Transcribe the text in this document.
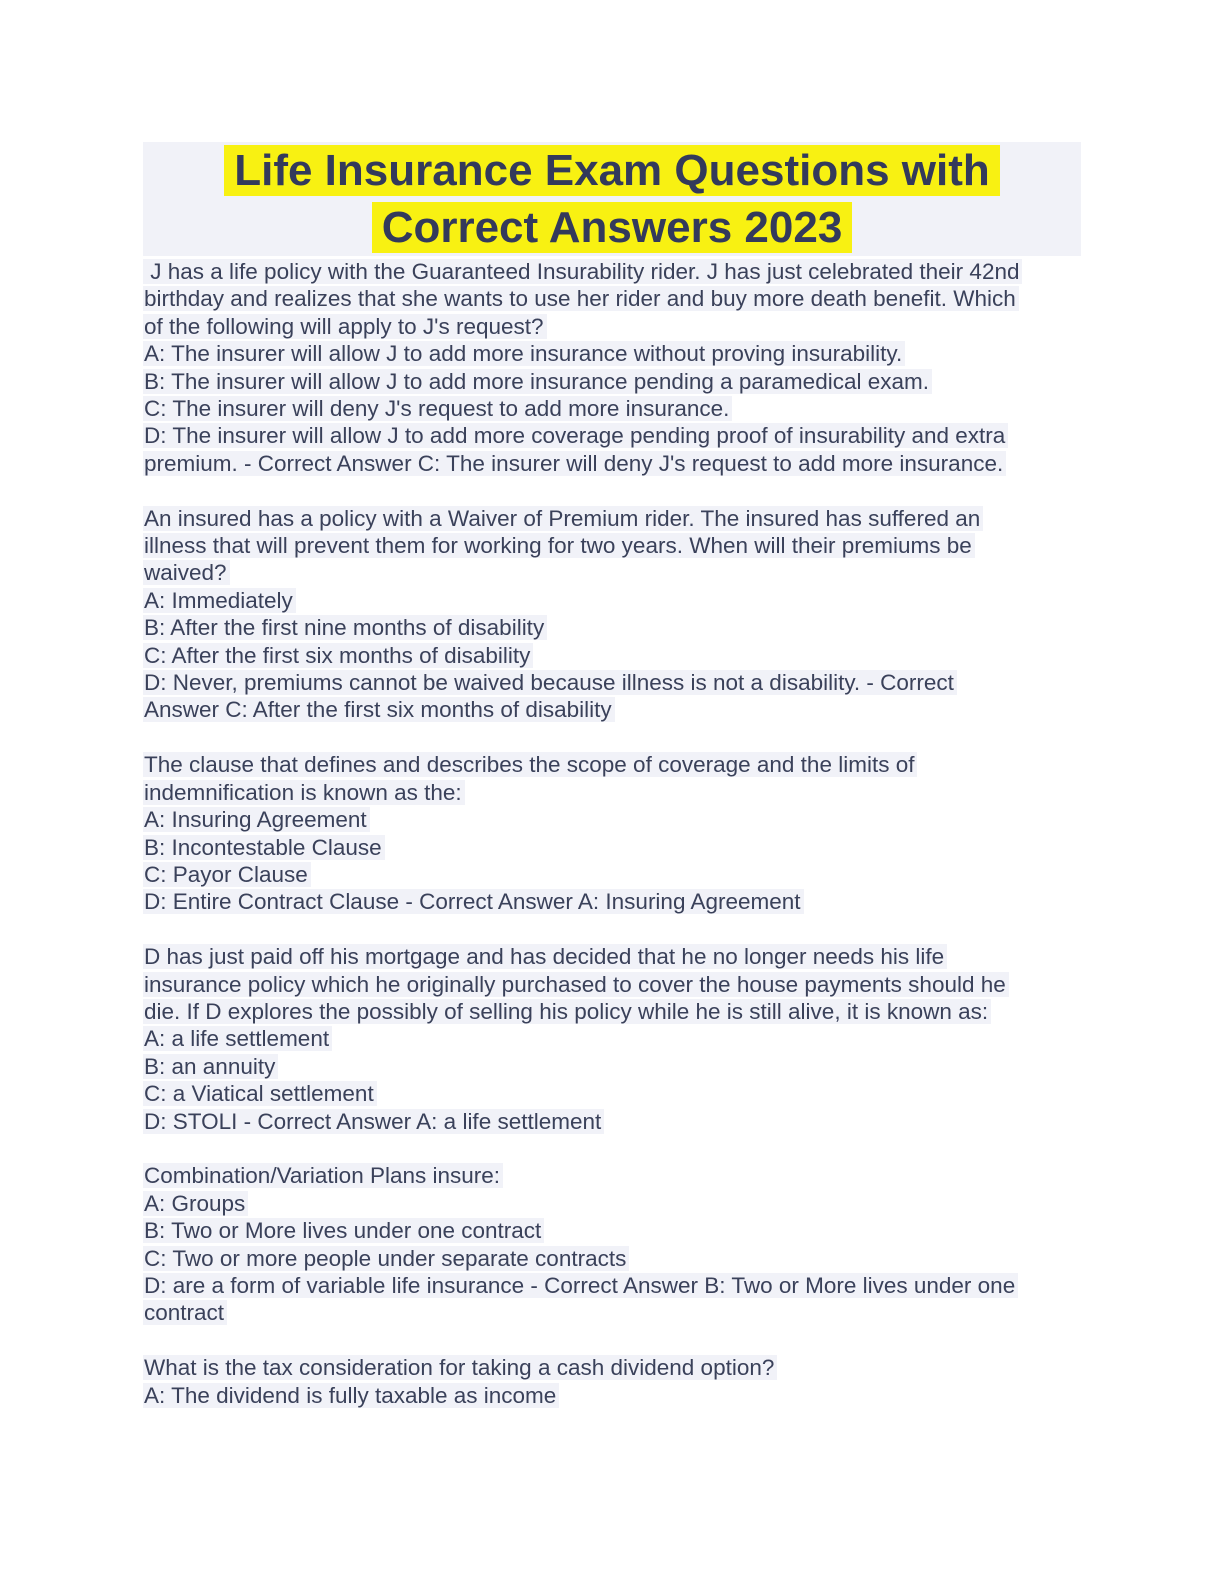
Life Insurance Exam Questions with
Correct Answers 2023
J has a life policy with the Guaranteed Insurability rider. J has just celebrated their 42nd
birthday and realizes that she wants to use her rider and buy more death benefit. Which
of the following will apply to J's request?
A: The insurer will allow J to add more insurance without proving insurability.
B: The insurer will allow J to add more insurance pending a paramedical exam.
C: The insurer will deny J's request to add more insurance.
D: The insurer will allow J to add more coverage pending proof of insurability and extra
premium. - Correct Answer C: The insurer will deny J's request to add more insurance.
An insured has a policy with a Waiver of Premium rider. The insured has suffered an
illness that will prevent them for working for two years. When will their premiums be
waived?
A: Immediately
B: After the first nine months of disability
C: After the first six months of disability
D: Never, premiums cannot be waived because illness is not a disability. - Correct
Answer C: After the first six months of disability
The clause that defines and describes the scope of coverage and the limits of
indemnification is known as the:
A: Insuring Agreement
B: Incontestable Clause
C: Payor Clause
D: Entire Contract Clause - Correct Answer A: Insuring Agreement
D has just paid off his mortgage and has decided that he no longer needs his life
insurance policy which he originally purchased to cover the house payments should he
die. If D explores the possibly of selling his policy while he is still alive, it is known as:
A: a life settlement
B: an annuity
C: a Viatical settlement
D: STOLI - Correct Answer A: a life settlement
Combination/Variation Plans insure:
A: Groups
B: Two or More lives under one contract
C: Two or more people under separate contracts
D: are a form of variable life insurance - Correct Answer B: Two or More lives under one
contract
What is the tax consideration for taking a cash dividend option?
A: The dividend is fully taxable as income
